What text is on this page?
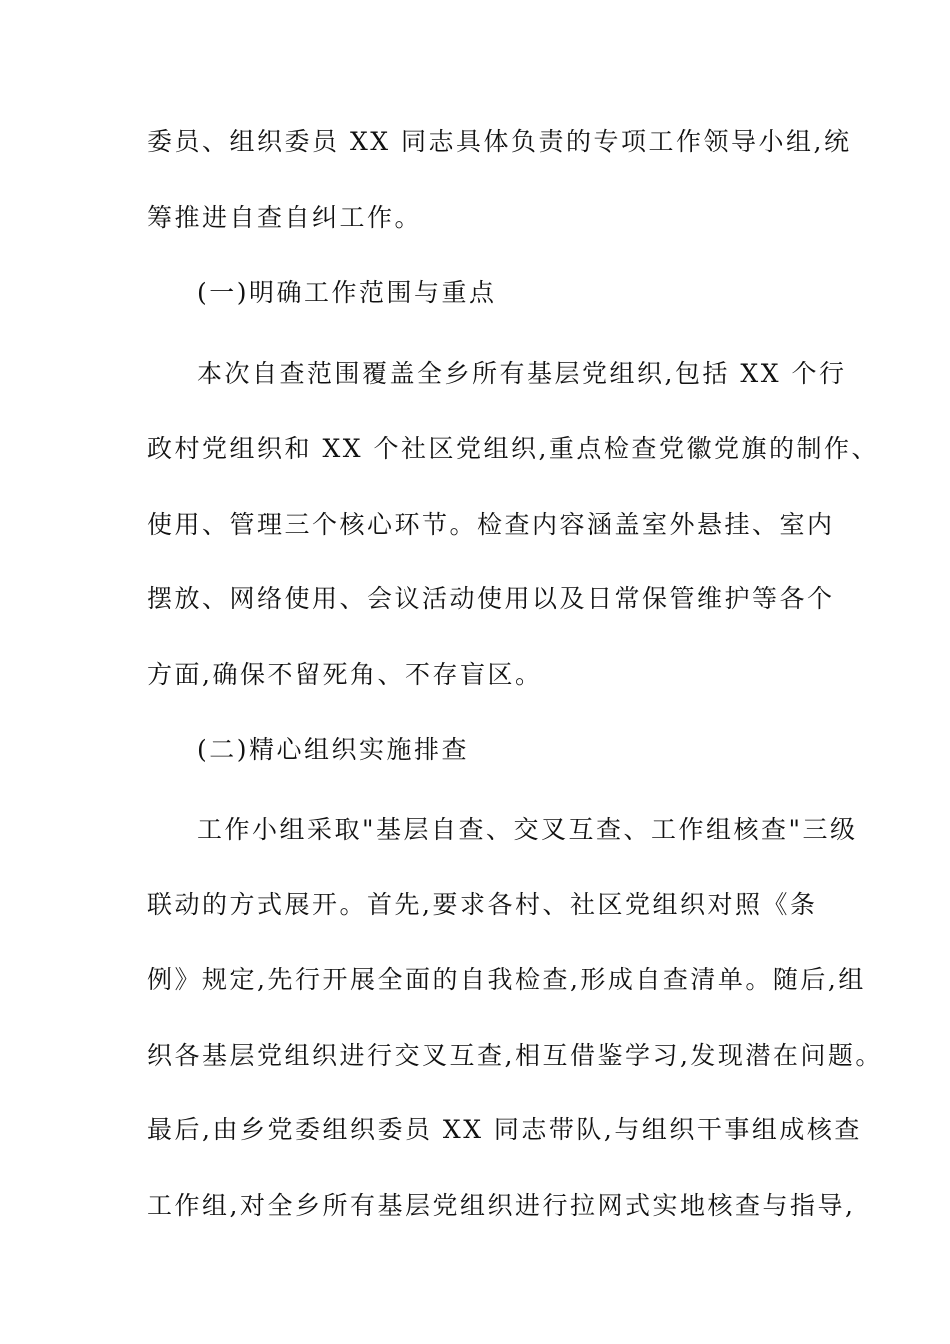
委员、组织委员 XX 同志具体负责的专项工作领导小组,统

筹推进自查自纠工作。

(一)明确工作范围与重点

本次自查范围覆盖全乡所有基层党组织,包括 XX 个行

政村党组织和 XX 个社区党组织,重点检查党徽党旗的制作、

使用、管理三个核心环节。检查内容涵盖室外悬挂、室内

摆放、网络使用、会议活动使用以及日常保管维护等各个

方面,确保不留死角、不存盲区。

(二)精心组织实施排查

工作小组采取"基层自查、交叉互查、工作组核查"三级

联动的方式展开。首先,要求各村、社区党组织对照《条

例》规定,先行开展全面的自我检查,形成自查清单。随后,组

织各基层党组织进行交叉互查,相互借鉴学习,发现潜在问题。

最后,由乡党委组织委员 XX 同志带队,与组织干事组成核查

工作组,对全乡所有基层党组织进行拉网式实地核查与指导,
